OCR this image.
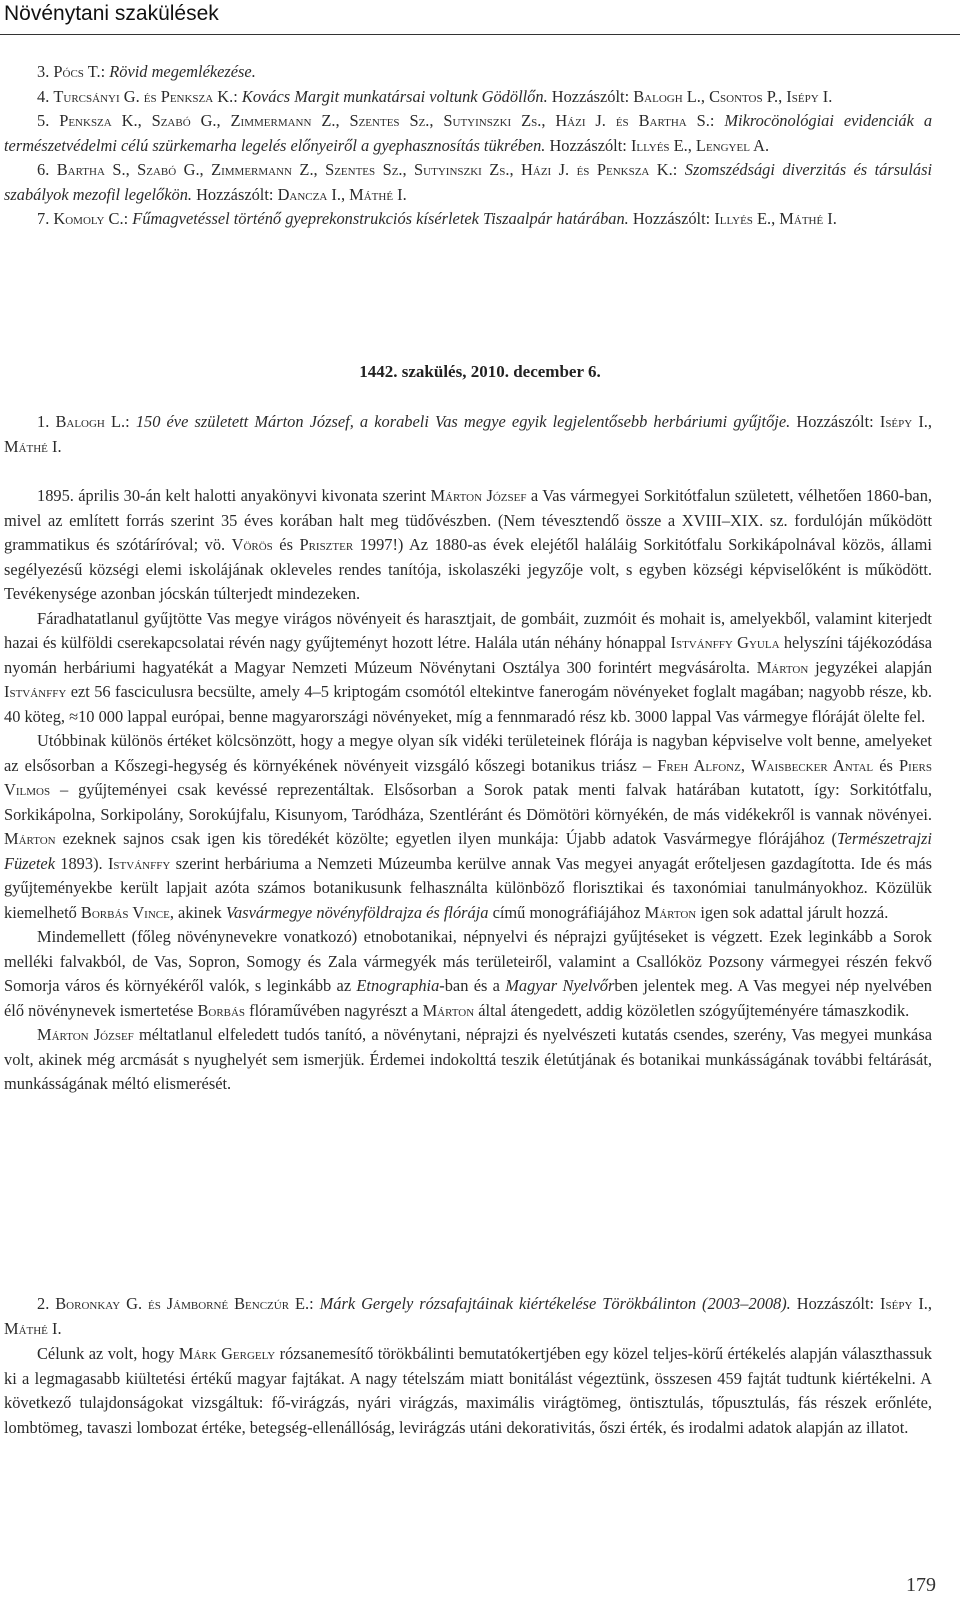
Növénytani szakülések
3. Pócs T.: Rövid megemlékezése.
4. Turcsányi G. és Penksza K.: Kovács Margit munkatársai voltunk Gödöllőn. Hozzászólt: Balogh L., Csontos P., Isépy I.
5. Penksza K., Szabó G., Zimmermann Z., Szentes Sz., Sutyinszki Zs., Házi J. és Bartha S.: Mikrocönológiai evidenciák a természetvédelmi célú szürkemarha legelés előnyeiről a gyephasznosítás tükrében. Hozzászólt: Illyés E., Lengyel A.
6. Bartha S., Szabó G., Zimmermann Z., Szentes Sz., Sutyinszki Zs., Házi J. és Penksza K.: Szomszédsági diverzitás és társulási szabályok mezofil legelőkön. Hozzászólt: Dancza I., Máthé I.
7. Komoly C.: Fűmagvetéssel történő gyeprekonstrukciós kísérletek Tiszaalpár határában. Hozzászólt: Illyés E., Máthé I.
1442. szakülés, 2010. december 6.
1. Balogh L.: 150 éve született Márton József, a korabeli Vas megye egyik legjelentősebb herbáriumi gyűjtője. Hozzászólt: Isépy I., Máthé I.

1895. április 30-án kelt halotti anyakönyvi kivonata szerint Márton József a Vas vármegyei Sorkitótfalun született, vélhetően 1860-ban, mivel az említett forrás szerint 35 éves korában halt meg tüdővészben. (Nem tévesztendő össze a XVIII–XIX. sz. fordulóján működött grammatikus és szótáríróval; vö. Vörös és Priszter 1997!) Az 1880-as évek elejétől haláláig Sorkitótfalu Sorkikápolnával közös, állami segélyezésű községi elemi iskolájának okleveles rendes tanítója, iskolaszéki jegyzője volt, s egyben községi képviselőként is működött. Tevékenysége azonban jócskán túlterjedt mindezeken.

Fáradhatatlanul gyűjtötte Vas megye virágos növényeit és harasztjait, de gombáit, zuzmóit és mohait is, amelyekből, valamint kiterjedt hazai és külföldi cserekapcsolatai révén nagy gyűjteményt hozott létre. Halála után néhány hónappal Istvánffy Gyula helyszíni tájékozódása nyomán herbáriumi hagyatékát a Magyar Nemzeti Múzeum Növénytani Osztálya 300 forintért megvásárolta. Márton jegyzékei alapján Istvánffy ezt 56 fasciculusra becsülte, amely 4–5 kriptogám csomótól eltekintve fanerogám növényeket foglalt magában; nagyobb része, kb. 40 köteg, ≈10 000 lappal európai, benne magyarországi növényeket, míg a fennmaradó rész kb. 3000 lappal Vas vármegye flóráját ölelte fel.

Utóbbinak különös értéket kölcsönzött, hogy a megye olyan sík vidéki területeinek flórája is nagyban képviselve volt benne, amelyeket az elsősorban a Kőszegi-hegység és környékének növényeit vizsgáló kőszegi botanikus triász – Freh Alfonz, Waisbecker Antal és Piers Vilmos – gyűjteményei csak kevéssé reprezentáltak. Elsősorban a Sorok patak menti falvak határában kutatott, így: Sorkitótfalu, Sorkikápolna, Sorkipolány, Sorokújfalu, Kisunyom, Taródháza, Szentléránt és Dömötöri környékén, de más vidékekről is vannak növényei. Márton ezeknek sajnos csak igen kis töredékét közölte; egyetlen ilyen munkája: Újabb adatok Vasvármegye flórájához (Természetrajzi Füzetek 1893). Istvánffy szerint herbáriuma a Nemzeti Múzeumba kerülve annak Vas megyei anyagát erőteljesen gazdagította. Ide és más gyűjteményekbe került lapjait azóta számos botanikusunk felhasználta különböző florisztikai és taxonómiai tanulmányokhoz. Közülük kiemelhető Borbás Vince, akinek Vasvármegye növényföldrajza és flórája című monográfiájához Márton igen sok adattal járult hozzá.

Mindemellett (főleg növénynevekre vonatkozó) etnobotanikai, népnyelvi és néprajzi gyűjtéseket is végzett. Ezek leginkább a Sorok melléki falvakból, de Vas, Sopron, Somogy és Zala vármegyék más területeiről, valamint a Csallóköz Pozsony vármegyei részén fekvő Somorja város és környékéről valók, s leginkább az Etnographia-ban és a Magyar Nyelvőrben jelentek meg. A Vas megyei nép nyelvében élő növénynevek ismertetése Borbás flóraművében nagyrészt a Márton által átengedett, addig közöletlen szógyűjteményére támaszkodik.

Márton József méltatlanul elfeledett tudós tanító, a növénytani, néprajzi és nyelvészeti kutatás csendes, szerény, Vas megyei munkása volt, akinek még arcmását s nyughelyét sem ismerjük. Érdemei indokolttá teszik életútjának és botanikai munkásságának további feltárását, munkásságának méltó elismerését.

2. Boronkay G. és Jámborné Benczúr E.: Márk Gergely rózsafajtáinak kiértékelése Törökbálinton (2003–2008). Hozzászólt: Isépy I., Máthé I.

Célunk az volt, hogy Márk Gergely rózsanemesítő törökbálinti bemutatókertjében egy közel teljes-körű értékelés alapján választhassuk ki a legmagasabb kiültetési értékű magyar fajtákat. A nagy tételszám miatt bonitálást végeztünk, összesen 459 fajtát tudtunk kiértékelni. A következő tulajdonságokat vizsgáltuk: fő-virágzás, nyári virágzás, maximális virágtömeg, öntisztulás, tőpusztulás, fás részek erőnléte, lombtömeg, tavaszi lombozat értéke, betegség-ellenállóság, levirágzás utáni dekorativitás, őszi érték, és irodalmi adatok alapján az illatot.

179
